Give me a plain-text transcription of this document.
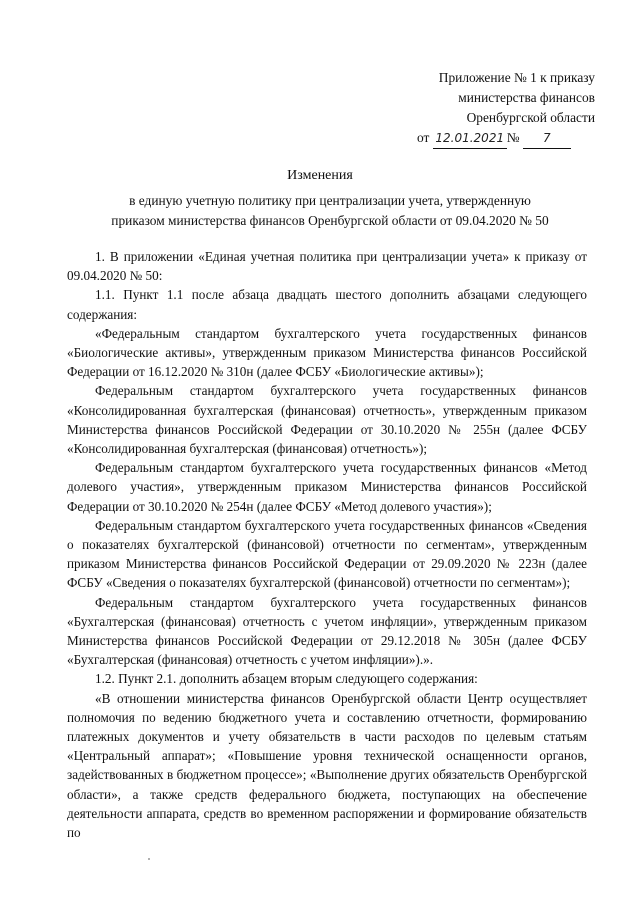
Приложение № 1 к приказу
министерства финансов
Оренбургской области
от 12.01.2021 № 7
Изменения
в единую учетную политику при централизации учета, утвержденную
приказом министерства финансов Оренбургской области от 09.04.2020 № 50

1. В приложении «Единая учетная политика при централизации учета» к приказу от 09.04.2020 № 50:

1.1. Пункт 1.1 после абзаца двадцать шестого дополнить абзацами следующего содержания:

«Федеральным стандартом бухгалтерского учета государственных финансов «Биологические активы», утвержденным приказом Министерства финансов Российской Федерации от 16.12.2020 № 310н (далее ФСБУ «Биологические активы»);

Федеральным стандартом бухгалтерского учета государственных финансов «Консолидированная бухгалтерская (финансовая) отчетность», утвержденным приказом Министерства финансов Российской Федерации от 30.10.2020 № 255н (далее ФСБУ «Консолидированная бухгалтерская (финансовая) отчетность»);

Федеральным стандартом бухгалтерского учета государственных финансов «Метод долевого участия», утвержденным приказом Министерства финансов Российской Федерации от 30.10.2020 № 254н (далее ФСБУ «Метод долевого участия»);

Федеральным стандартом бухгалтерского учета государственных финансов «Сведения о показателях бухгалтерской (финансовой) отчетности по сегментам», утвержденным приказом Министерства финансов Российской Федерации от 29.09.2020 № 223н (далее ФСБУ «Сведения о показателях бухгалтерской (финансовой) отчетности по сегментам»);

Федеральным стандартом бухгалтерского учета государственных финансов «Бухгалтерская (финансовая) отчетность с учетом инфляции», утвержденным приказом Министерства финансов Российской Федерации от 29.12.2018 № 305н (далее ФСБУ «Бухгалтерская (финансовая) отчетность с учетом инфляции»).».

1.2. Пункт 2.1. дополнить абзацем вторым следующего содержания:

«В отношении министерства финансов Оренбургской области Центр осуществляет полномочия по ведению бюджетного учета и составлению отчетности, формированию платежных документов и учету обязательств в части расходов по целевым статьям «Центральный аппарат»; «Повышение уровня технической оснащенности органов, задействованных в бюджетном процессе»; «Выполнение других обязательств Оренбургской области», а также средств федерального бюджета, поступающих на обеспечение деятельности аппарата, средств во временном распоряжении и формирование обязательств по
